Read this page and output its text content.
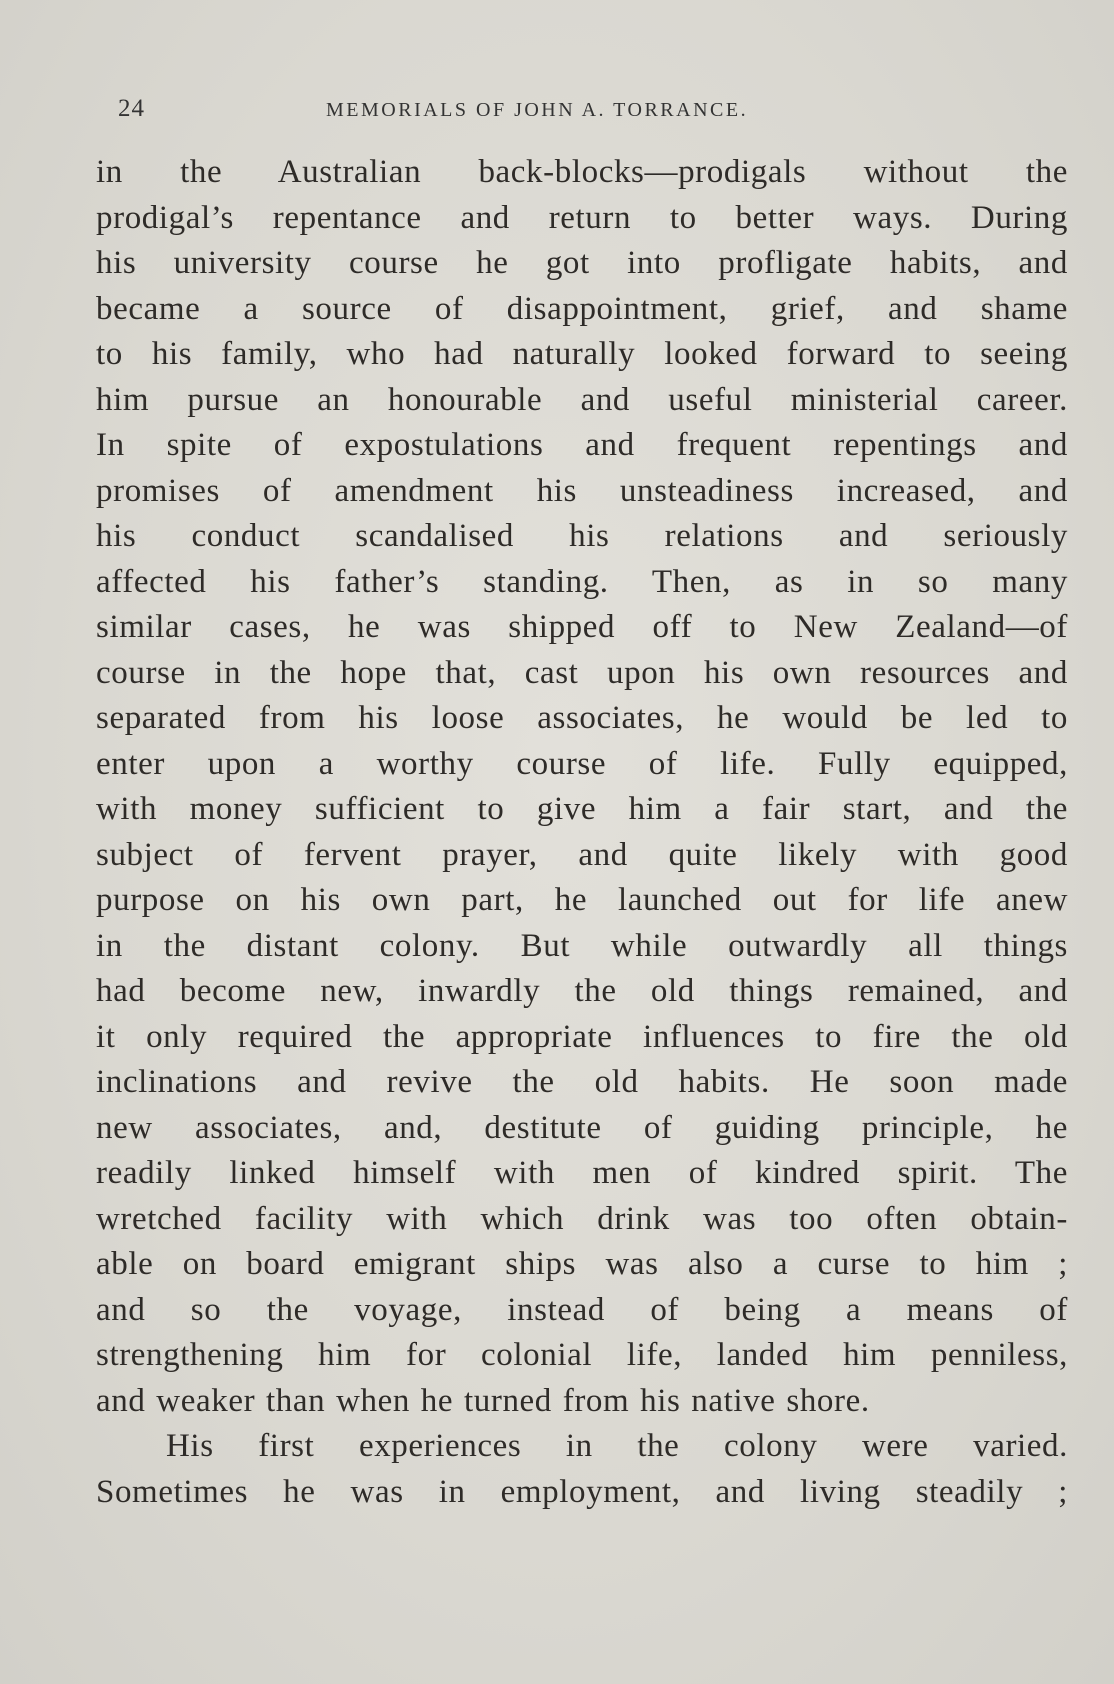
24	MEMORIALS OF JOHN A. TORRANCE.
in the Australian back-blocks—prodigals without the
prodigal’s repentance and return to better ways. During
his university course he got into profligate habits, and
became a source of disappointment, grief, and shame
to his family, who had naturally looked forward to seeing
him pursue an honourable and useful ministerial career.
In spite of expostulations and frequent repentings and
promises of amendment his unsteadiness increased, and
his conduct scandalised his relations and seriously
affected his father’s standing. Then, as in so many
similar cases, he was shipped off to New Zealand—of
course in the hope that, cast upon his own resources and
separated from his loose associates, he would be led to
enter upon a worthy course of life. Fully equipped,
with money sufficient to give him a fair start, and the
subject of fervent prayer, and quite likely with good
purpose on his own part, he launched out for life anew
in the distant colony. But while outwardly all things
had become new, inwardly the old things remained, and
it only required the appropriate influences to fire the old
inclinations and revive the old habits. He soon made
new associates, and, destitute of guiding principle, he
readily linked himself with men of kindred spirit. The
wretched facility with which drink was too often obtain-
able on board emigrant ships was also a curse to him ;
and so the voyage, instead of being a means of
strengthening him for colonial life, landed him penniless,
and weaker than when he turned from his native shore.
His first experiences in the colony were varied.
Sometimes he was in employment, and living steadily ;
